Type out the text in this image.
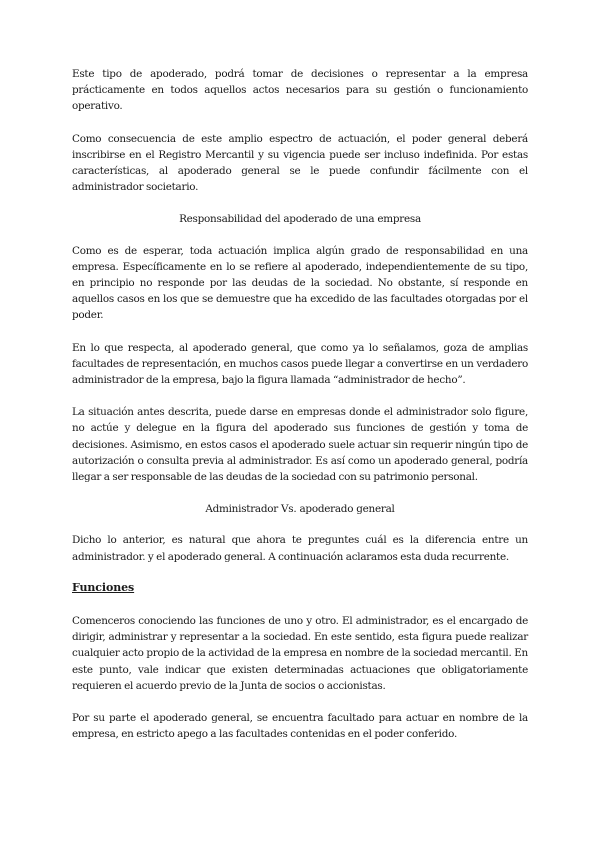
Este tipo de apoderado, podrá tomar de decisiones o representar a la empresa prácticamente en todos aquellos actos necesarios para su gestión o funcionamiento operativo.

Como consecuencia de este amplio espectro de actuación, el poder general deberá inscribirse en el Registro Mercantil y su vigencia puede ser incluso indefinida. Por estas características, al apoderado general se le puede confundir fácilmente con el administrador societario.

Responsabilidad del apoderado de una empresa

Como es de esperar, toda actuación implica algún grado de responsabilidad en una empresa. Específicamente en lo se refiere al apoderado, independientemente de su tipo, en principio no responde por las deudas de la sociedad. No obstante, sí responde en aquellos casos en los que se demuestre que ha excedido de las facultades otorgadas por el poder.

En lo que respecta, al apoderado general, que como ya lo señalamos, goza de amplias facultades de representación, en muchos casos puede llegar a convertirse en un verdadero administrador de la empresa, bajo la figura llamada “administrador de hecho”.

La situación antes descrita, puede darse en empresas donde el administrador solo figure, no actúe y delegue en la figura del apoderado sus funciones de gestión y toma de decisiones. Asimismo, en estos casos el apoderado suele actuar sin requerir ningún tipo de autorización o consulta previa al administrador. Es así como un apoderado general, podría llegar a ser responsable de las deudas de la sociedad con su patrimonio personal.

Administrador Vs. apoderado general

Dicho lo anterior, es natural que ahora te preguntes cuál es la diferencia entre un administrador. y el apoderado general. A continuación aclaramos esta duda recurrente.

Funciones

Comenceros conociendo las funciones de uno y otro. El administrador, es el encargado de dirigir, administrar y representar a la sociedad. En este sentido, esta figura puede realizar cualquier acto propio de la actividad de la empresa en nombre de la sociedad mercantil. En este punto, vale indicar que existen determinadas actuaciones que obligatoriamente requieren el acuerdo previo de la Junta de socios o accionistas.

Por su parte el apoderado general, se encuentra facultado para actuar en nombre de la empresa, en estricto apego a las facultades contenidas en el poder conferido.
